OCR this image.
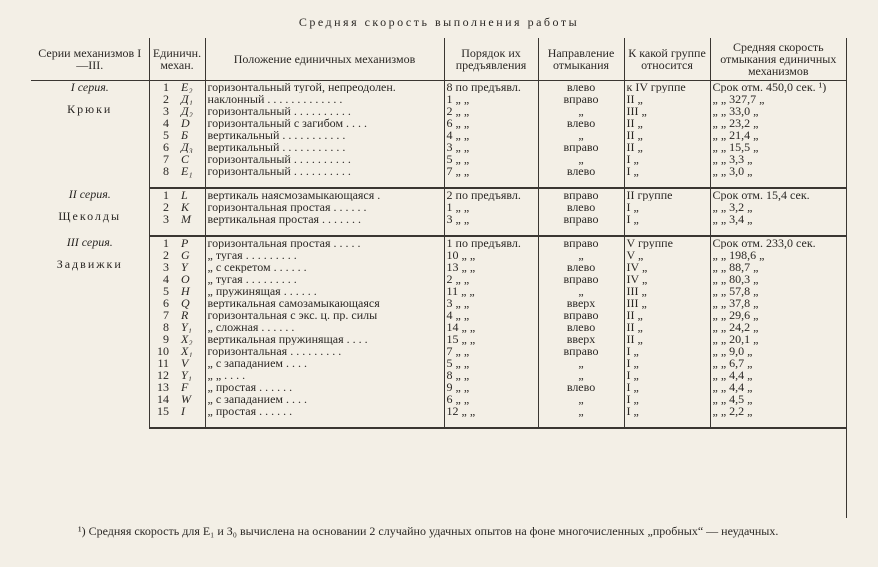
Средняя скорость выполнения работы
Серии механизмов I—III.	Единичн. механ.		Положение единичных механизмов	Порядок их предъявления	Направление отмыкания	К какой группе относится	Средняя скорость отмыкания единичных механизмов

I серия.
Крюки	1	E₂	горизонтальный тугой, непреодолен.	8 по предъявл.	влево	к IV группе	Срок отм. 450,0 сек. ¹)
	2	Д₁	наклонный . . . . . . . . . . . . .	1 „ „	вправо	II „	„ „ 327,7 „
	3	Д₂	горизонтальный . . . . . . . . . .	2 „ „	„	III „	„ „ 33,0 „
	4	D	горизонтальный с загибом . . . .	6 „ „	влево	II „	„ „ 23,2 „
	5	Б	вертикальный . . . . . . . . . . .	4 „ „	„	II „	„ „ 21,4 „
	6	Д₃	вертикальный . . . . . . . . . . .	3 „ „	вправо	II „	„ „ 15,5 „
	7	C	горизонтальный . . . . . . . . . .	5 „ „	„	I „	„ „ 3,3 „
	8	E₁	горизонтальный . . . . . . . . . .	7 „ „	влево	I „	„ „ 3,0 „

II серия.
Щеколды	1	L	вертикаль наясмозамыкающаяся .	2 по предъявл.	вправо	II группе	Срок отм. 15,4 сек.
	2	K	горизонтальная простая . . . . . .	1 „ „	влево	I „	„ „ 3,2 „
	3	M	вертикальная простая . . . . . . .	3 „ „	вправо	I „	„ „ 3,4 „

III серия.
Задвижки	1	P	горизонтальная простая . . . . .	1 по предъявл.	вправо	V группе	Срок отм. 233,0 сек.
	2	G	„ тугая . . . . . . . . .	10 „ „	„	V „	„ „ 198,6 „
	3	Y	„ с секретом . . . . . .	13 „ „	влево	IV „	„ „ 88,7 „
	4	O	„ тугая . . . . . . . . .	2 „ „	вправо	IV „	„ „ 80,3 „
	5	H	„ пружинящая . . . . . .	11 „ „	„	III „	„ „ 57,8 „
	6	Q	вертикальная самозамыкающаяся	3 „ „	вверх	III „	„ „ 37,8 „
	7	R	горизонтальная с экс. ц. пр. силы	4 „ „	вправо	II „	„ „ 29,6 „
	8	Y₁	„ сложная . . . . . .	14 „ „	влево	II „	„ „ 24,2 „
	9	X₂	вертикальная пружинящая . . . .	15 „ „	вверх	II „	„ „ 20,1 „
	10	X₁	горизонтальная . . . . . . . . .	7 „ „	вправо	I „	„ „ 9,0 „
	11	V	„ с западанием . . . .	5 „ „	„	I „	„ „ 6,7 „
	12	Y₁	„ „ . . . .	8 „ „	„	I „	„ „ 4,4 „
	13	F	„ простая . . . . . .	9 „ „	влево	I „	„ „ 4,4 „
	14	W	„ с западанием . . . .	6 „ „	„	I „	„ „ 4,5 „
	15	I	„ простая . . . . . .	12 „ „	„	I „	„ „ 2,2 „
¹) Средняя скорость для E₁ и З₀ вычислена на основании 2 случайно удачных опытов на фоне многочисленных „пробных“ — неудачных.
